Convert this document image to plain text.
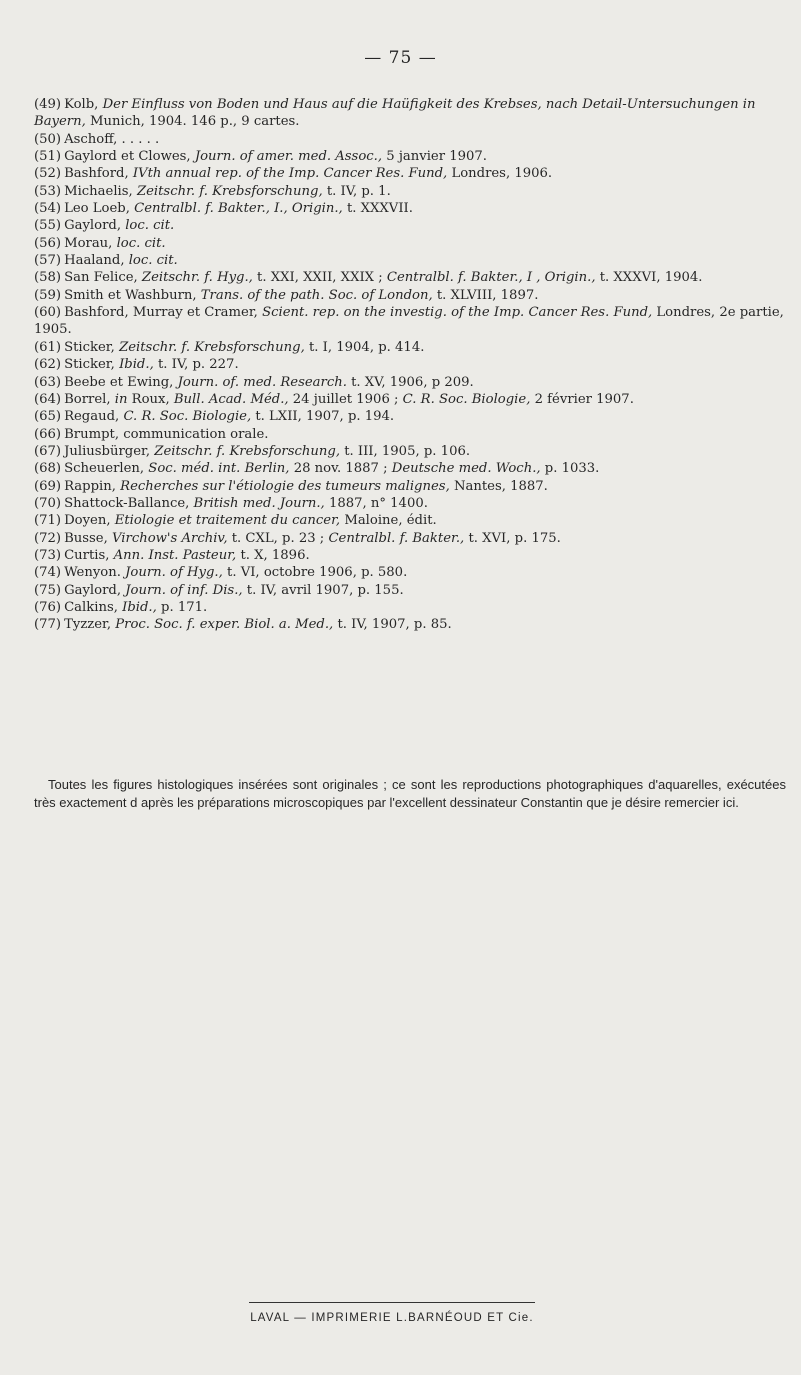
— 75 —

(49) Kolb, Der Einfluss von Boden und Haus auf die Haüfigkeit des Krebses, nach Detail-Untersuchungen in Bayern, Munich, 1904. 146 p., 9 cartes.

(50) Aschoff, . . . . .

(51) Gaylord et Clowes, Journ. of amer. med. Assoc., 5 janvier 1907.

(52) Bashford, IVth annual rep. of the Imp. Cancer Res. Fund, Londres, 1906.

(53) Michaelis, Zeitschr. f. Krebsforschung, t. IV, p. 1.

(54) Leo Loeb, Centralbl. f. Bakter., I., Origin., t. XXXVII.

(55) Gaylord, loc. cit.

(56) Morau, loc. cit.

(57) Haaland, loc. cit.

(58) San Felice, Zeitschr. f. Hyg., t. XXI, XXII, XXIX ; Centralbl. f. Bakter., I , Origin., t. XXXVI, 1904.

(59) Smith et Washburn, Trans. of the path. Soc. of London, t. XLVIII, 1897.

(60) Bashford, Murray et Cramer, Scient. rep. on the investig. of the Imp. Cancer Res. Fund, Londres, 2e partie, 1905.

(61) Sticker, Zeitschr. f. Krebsforschung, t. I, 1904, p. 414.

(62) Sticker, Ibid., t. IV, p. 227.

(63) Beebe et Ewing, Journ. of. med. Research. t. XV, 1906, p 209.

(64) Borrel, in Roux, Bull. Acad. Méd., 24 juillet 1906 ; C. R. Soc. Biologie, 2 février 1907.

(65) Regaud, C. R. Soc. Biologie, t. LXII, 1907, p. 194.

(66) Brumpt, communication orale.

(67) Juliusbürger, Zeitschr. f. Krebsforschung, t. III, 1905, p. 106.

(68) Scheuerlen, Soc. méd. int. Berlin, 28 nov. 1887 ; Deutsche med. Woch., p. 1033.

(69) Rappin, Recherches sur l'étiologie des tumeurs malignes, Nantes, 1887.

(70) Shattock-Ballance, British med. Journ., 1887, n° 1400.

(71) Doyen, Etiologie et traitement du cancer, Maloine, édit.

(72) Busse, Virchow's Archiv, t. CXL, p. 23 ; Centralbl. f. Bakter., t. XVI, p. 175.

(73) Curtis, Ann. Inst. Pasteur, t. X, 1896.

(74) Wenyon. Journ. of Hyg., t. VI, octobre 1906, p. 580.

(75) Gaylord, Journ. of inf. Dis., t. IV, avril 1907, p. 155.

(76) Calkins, Ibid., p. 171.

(77) Tyzzer, Proc. Soc. f. exper. Biol. a. Med., t. IV, 1907, p. 85.

Toutes les figures histologiques insérées sont originales ; ce sont les reproductions photographiques d'aquarelles, exécutées très exactement d après les préparations microscopiques par l'excellent dessinateur Constantin que je désire remercier ici.
LAVAL — IMPRIMERIE L.BARNÉOUD ET Cie.
